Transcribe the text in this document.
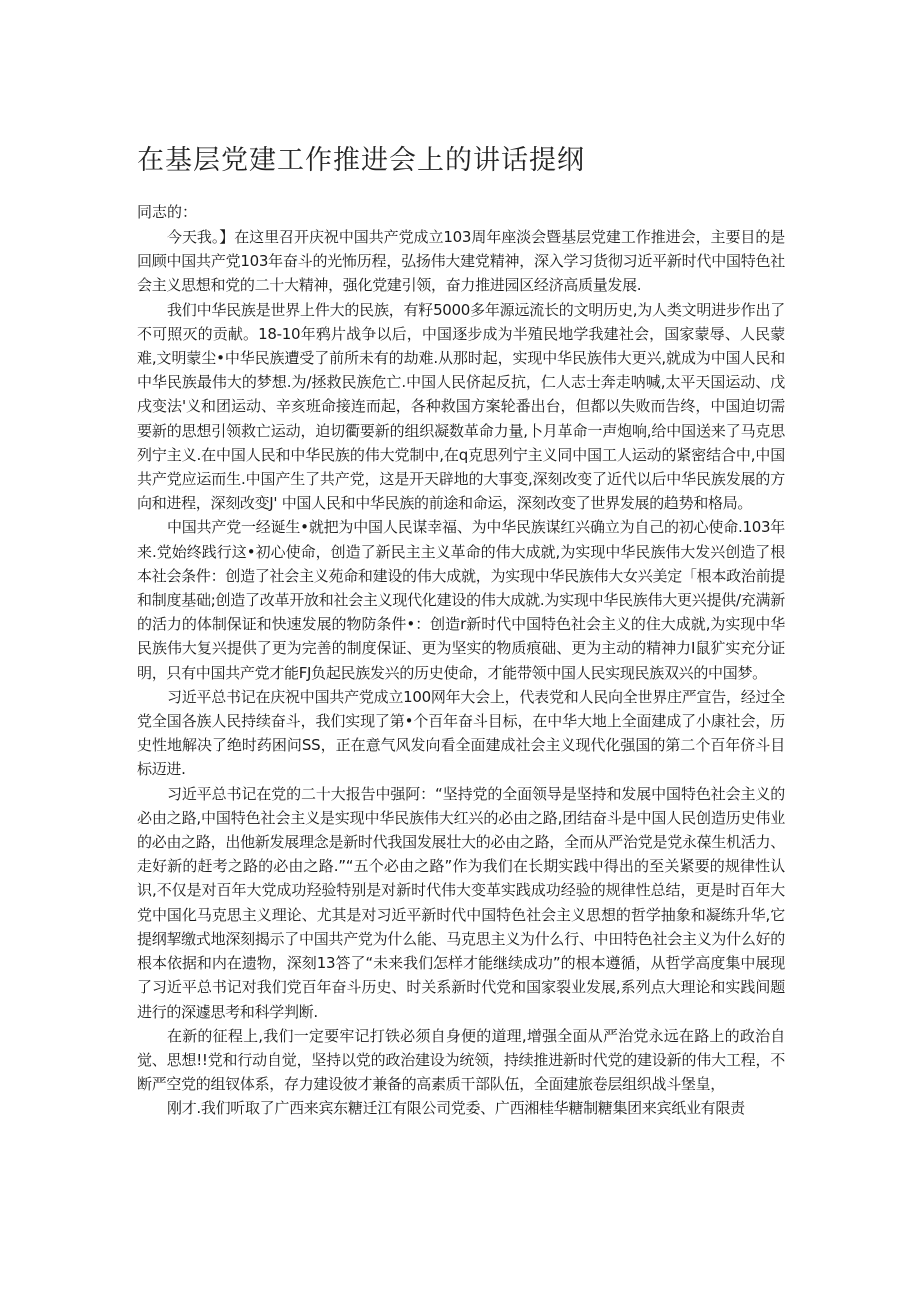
在基层党建工作推进会上的讲话提纲

同志的：

今天我。】在这里召开庆祝中国共产党成立103周年座淡会暨基层党建工作推进会，主要目的是回顾中国共产党103年奋斗的光怖历程，弘扬伟大建党精神，深入学习货彻习近平新时代中国特色社会主义思想和党的二十大精神，强化党建引领，奋力推进园区经济高质量发展.

我们中华民族是世界上件大的民族，有籽5000多年源远流长的文明历史,为人类文明进步作出了不可照灭的贡献。18-10年鸦片战争以后，中国逐步成为半殖民地学我建社会，国家蒙辱、人民蒙难,文明蒙尘•中华民族遭受了前所未有的劫难.从那时起，实现中华民族伟大更兴,就成为中国人民和中华民族最伟大的梦想.为/拯救民族危亡.中国人民侪起反抗，仁人志士奔走呐喊,太平天国运动、戊戌变法'义和团运动、辛亥班命接连而起，各种救国方案轮番出台，但都以失败而告终，中国迫切需要新的思想引领救亡运动，迫切衢要新的组织凝数革命力量,卜月革命一声炮响,给中国送来了马克思列宁主义.在中国人民和中华民族的伟大党制中,在q克思列宁主义同中国工人运动的紧密结合中,中国共产党应运而生.中国产生了共产党，这是开天辟地的大事变,深刻改变了近代以后中华民族发展的方向和进程，深刻改变J' 中国人民和中华民族的前途和命运，深刻改变了世界发展的趋势和格局。

中国共产党一经诞生•就把为中国人民谋幸福、为中华民族谋红兴确立为自己的初心使命.103年来.党始终践行这•初心使命，创造了新民主主义革命的伟大成就,为实现中华民族伟大发兴创造了根本社会条件：创造了社会主义苑命和建设的伟大成就，为实现中华民族伟大女兴美定「根本政治前提和制度基础;创造了改革开放和社会主义现代化建设的伟大成就.为实现中华民族伟大更兴提供/充满新的活力的体制保证和快速发展的物防条件•：创造r新时代中国特色社会主义的住大成就,为实现中华民族伟大复兴提供了更为完善的制度保证、更为坚实的物质痕础、更为主动的精神力I鼠犷实充分证明，只有中国共产党才能FJ负起民族发兴的历史使命，才能带领中国人民实现民族双兴的中国梦。

习近平总书记在庆祝中国共产党成立100网年大会上，代表党和人民向全世界庄严宣告，经过全党全国各族人民持续奋斗，我们实现了第•个百年奋斗目标，在中华大地上全面建成了小康社会，历史性地解决了绝时药困问SS，正在意气风发向看全面建成社会主义现代化强国的第二个百年侪斗目标迈进.

习近平总书记在党的二十大报告中强阿：“坚持党的全面领导是坚持和发展中国特色社会主义的必由之路,中国特色社会主义是实现中华民族伟大红兴的必由之路,团结奋斗是中国人民创造历史伟业的必由之路，出他新发展理念是新时代我国发展壮大的必由之路，全而从严治党是党永葆生机活力、走好新的赶考之路的必由之路.”“五个必由之路”作为我们在长期实践中得出的至关紧要的规律性认识,不仅是对百年大党成功羟验特别是对新时代伟大变革实践成功经验的规律性总结，更是时百年大党中国化马克思主义理论、尤其是对习近平新时代中国特色社会主义思想的哲学抽象和凝练升华,它提纲挈缴式地深刻揭示了中国共产党为什么能、马克思主义为什么行、中田特色社会主义为什么好的根本依据和内在遗物，深刻13答了“未来我们怎样才能继续成功”的根本遵循，从哲学高度集中展现了习近平总书记对我们党百年奋斗历史、时关系新时代党和国家裂业发展,系列点大理论和实践间题进行的深遽思考和科学判断.

在新的征程上,我们一定要牢记打铁必须自身便的道理,增强全面从严治党永远在路上的政治自觉、思想!!党和行动自觉，坚持以党的政治建设为统领，持续推进新时代党的建设新的伟大工程，不断严空党的组钗体系，存力建设彼才兼备的高素质干部队伍，全面建旅卷层组织战斗堡皇，

刚才.我们听取了广西来宾东糖迁江有限公司党委、广西湘桂华糖制糖集团来宾纸业有限责
